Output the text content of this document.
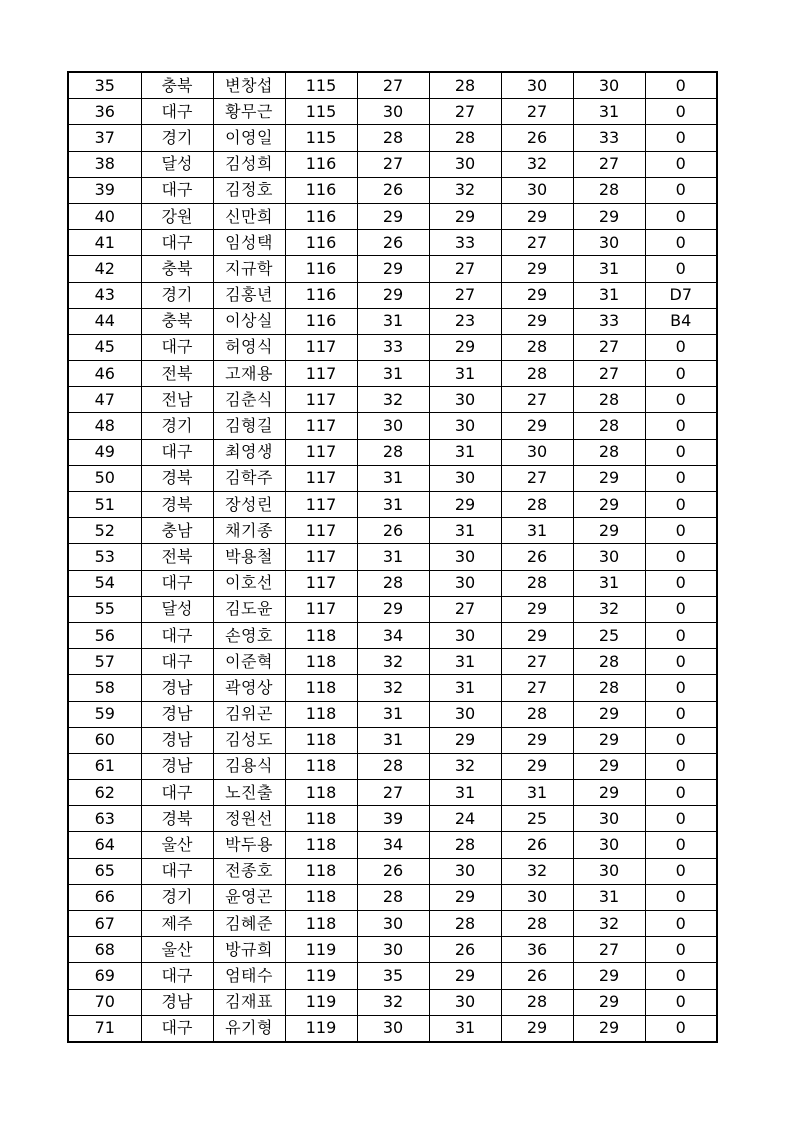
35	충북	변창섭	115	27	28	30	30	0
36	대구	황무근	115	30	27	27	31	0
37	경기	이영일	115	28	28	26	33	0
38	달성	김성희	116	27	30	32	27	0
39	대구	김정호	116	26	32	30	28	0
40	강원	신만희	116	29	29	29	29	0
41	대구	임성택	116	26	33	27	30	0
42	충북	지규학	116	29	27	29	31	0
43	경기	김홍년	116	29	27	29	31	D7
44	충북	이상실	116	31	23	29	33	B4
45	대구	허영식	117	33	29	28	27	0
46	전북	고재용	117	31	31	28	27	0
47	전남	김춘식	117	32	30	27	28	0
48	경기	김형길	117	30	30	29	28	0
49	대구	최영생	117	28	31	30	28	0
50	경북	김학주	117	31	30	27	29	0
51	경북	장성린	117	31	29	28	29	0
52	충남	채기종	117	26	31	31	29	0
53	전북	박용철	117	31	30	26	30	0
54	대구	이호선	117	28	30	28	31	0
55	달성	김도윤	117	29	27	29	32	0
56	대구	손영호	118	34	30	29	25	0
57	대구	이준혁	118	32	31	27	28	0
58	경남	곽영상	118	32	31	27	28	0
59	경남	김위곤	118	31	30	28	29	0
60	경남	김성도	118	31	29	29	29	0
61	경남	김용식	118	28	32	29	29	0
62	대구	노진출	118	27	31	31	29	0
63	경북	정원선	118	39	24	25	30	0
64	울산	박두용	118	34	28	26	30	0
65	대구	전종호	118	26	30	32	30	0
66	경기	윤영곤	118	28	29	30	31	0
67	제주	김혜준	118	30	28	28	32	0
68	울산	방규희	119	30	26	36	27	0
69	대구	엄태수	119	35	29	26	29	0
70	경남	김재표	119	32	30	28	29	0
71	대구	유기형	119	30	31	29	29	0
